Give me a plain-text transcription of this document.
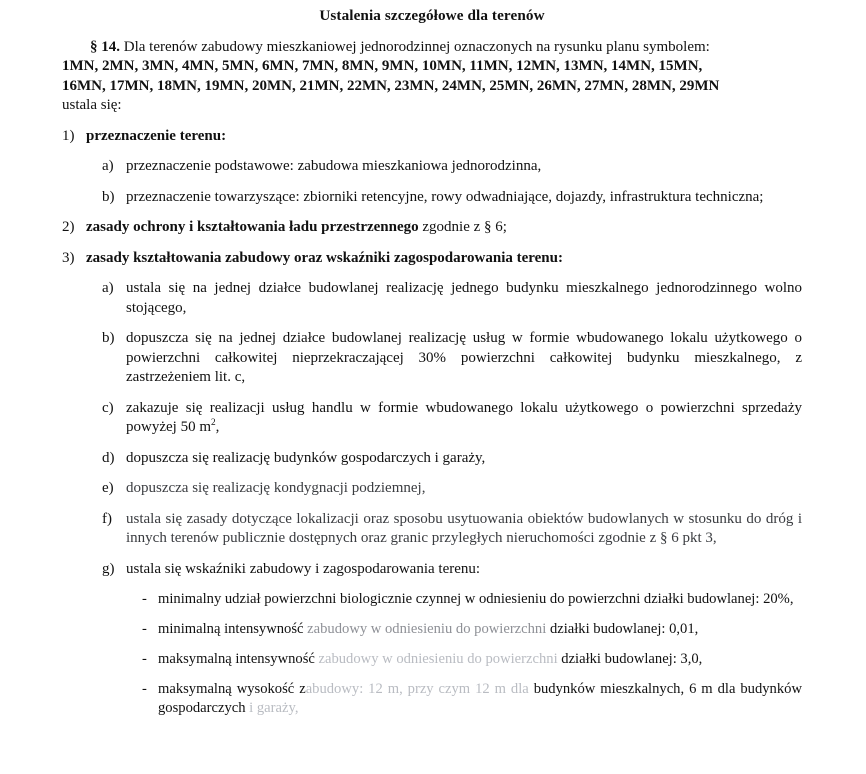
Ustalenia szczegółowe dla terenów

§ 14. Dla terenów zabudowy mieszkaniowej jednorodzinnej oznaczonych na rysunku planu symbolem:
1MN, 2MN, 3MN, 4MN, 5MN, 6MN, 7MN, 8MN, 9MN, 10MN, 11MN, 12MN, 13MN, 14MN, 15MN,
16MN, 17MN, 18MN, 19MN, 20MN, 21MN, 22MN, 23MN, 24MN, 25MN, 26MN, 27MN, 28MN, 29MN
ustala się:

1) przeznaczenie terenu:

a) przeznaczenie podstawowe: zabudowa mieszkaniowa jednorodzinna,

b) przeznaczenie towarzyszące: zbiorniki retencyjne, rowy odwadniające, dojazdy, infrastruktura techniczna;

2) zasady ochrony i kształtowania ładu przestrzennego zgodnie z § 6;

3) zasady kształtowania zabudowy oraz wskaźniki zagospodarowania terenu:

a) ustala się na jednej działce budowlanej realizację jednego budynku mieszkalnego jednorodzinnego wolno stojącego,

b) dopuszcza się na jednej działce budowlanej realizację usług w formie wbudowanego lokalu użytkowego o powierzchni całkowitej nieprzekraczającej 30% powierzchni całkowitej budynku mieszkalnego, z zastrzeżeniem lit. c,

c) zakazuje się realizacji usług handlu w formie wbudowanego lokalu użytkowego o powierzchni sprzedaży powyżej 50 $m^2$,

d) dopuszcza się realizację budynków gospodarczych i garaży,

e) dopuszcza się realizację kondygnacji podziemnej,

f) ustala się zasady dotyczące lokalizacji oraz sposobu usytuowania obiektów budowlanych w stosunku do dróg i innych terenów publicznie dostępnych oraz granic przyległych nieruchomości zgodnie z § 6 pkt 3,

g) ustala się wskaźniki zabudowy i zagospodarowania terenu:

- minimalny udział powierzchni biologicznie czynnej w odniesieniu do powierzchni działki budowlanej: 20%,

- minimalną intensywność zabudowy w odniesieniu do powierzchni działki budowlanej: 0,01,

- maksymalną intensywność zabudowy w odniesieniu do powierzchni działki budowlanej: 3,0,

- maksymalną wysokość zabudowy: 12 m, przy czym 12 m dla budynków mieszkalnych, 6 m dla budynków gospodarczych i garaży,
